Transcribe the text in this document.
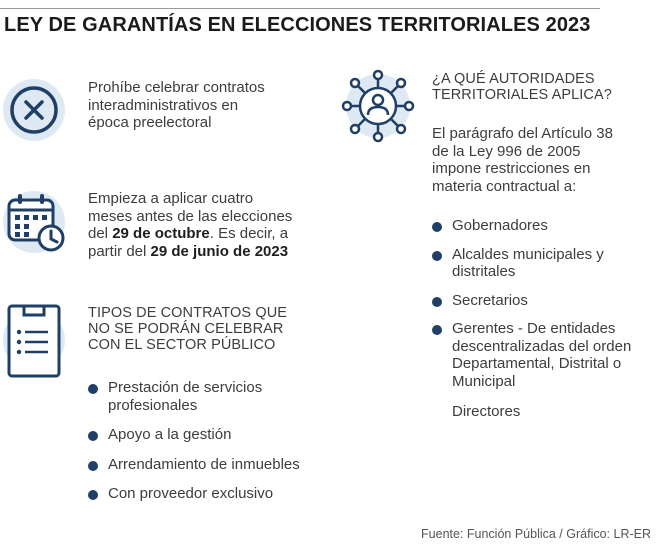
LEY DE GARANTÍAS EN ELECCIONES TERRITORIALES 2023

Prohíbe celebrar contratos interadministrativos en época preelectoral

Empieza a aplicar cuatro meses antes de las elecciones del 29 de octubre. Es decir, a partir del 29 de junio de 2023

TIPOS DE CONTRATOS QUE NO SE PODRÁN CELEBRAR CON EL SECTOR PÚBLICO

Prestación de servicios profesionales
Apoyo a la gestión
Arrendamiento de inmuebles
Con proveedor exclusivo

¿A QUÉ AUTORIDADES TERRITORIALES APLICA?

El parágrafo del Artículo 38 de la Ley 996 de 2005 impone restricciones en materia contractual a:

Gobernadores
Alcaldes municipales y distritales
Secretarios
Gerentes - De entidades descentralizadas del orden Departamental, Distrital o Municipal

Directores

Fuente: Función Pública / Gráfico: LR-ER
